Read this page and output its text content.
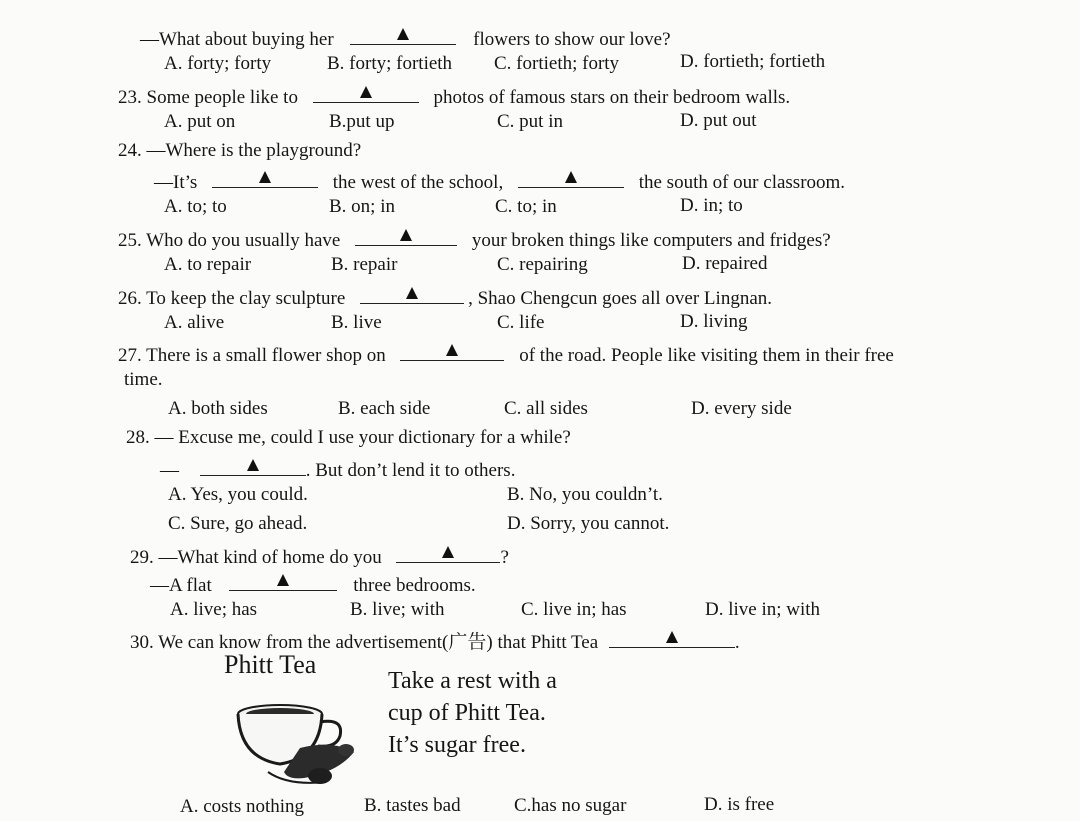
—What about buying her	flowers to show our love?
A. forty; forty	B. forty; fortieth C. fortieth; forty	D. fortieth; fortieth
23. Some people like to	photos of famous stars on their bedroom walls.
A. put on	B.put up	C. put in	D. put out
24. —Where is the playground?
—It’s	the west of the school,	the south of our classroom.
A. to; to	B. on; in	C. to; in	D. in; to
25. Who do you usually have	your broken things like computers and fridges?
A. to repair	B. repair	C. repairing	D. repaired
26. To keep the clay sculpture	, Shao Chengcun goes all over Lingnan.
A. alive	B. live	C. life	D. living
27. There is a small flower shop on	of the road. People like visiting them in their free
time.
A. both sides	B. each side	C. all sides	D. every side
28. — Excuse me, could I use your dictionary for a while?
—	. But don’t lend it to others.
A. Yes, you could.	B. No, you couldn’t.
C. Sure, go ahead.	D. Sorry, you cannot.
29. —What kind of home do you	?
—A flat	three bedrooms.
A. live; has	B. live; with	C. live in; has	D. live in; with
30. We can know from the advertisement(广告) that Phitt Tea	.
Phitt Tea
Take a rest with a
cup of Phitt Tea.
It’s sugar free.
A. costs nothing	B. tastes bad	C.has no sugar	D. is free
